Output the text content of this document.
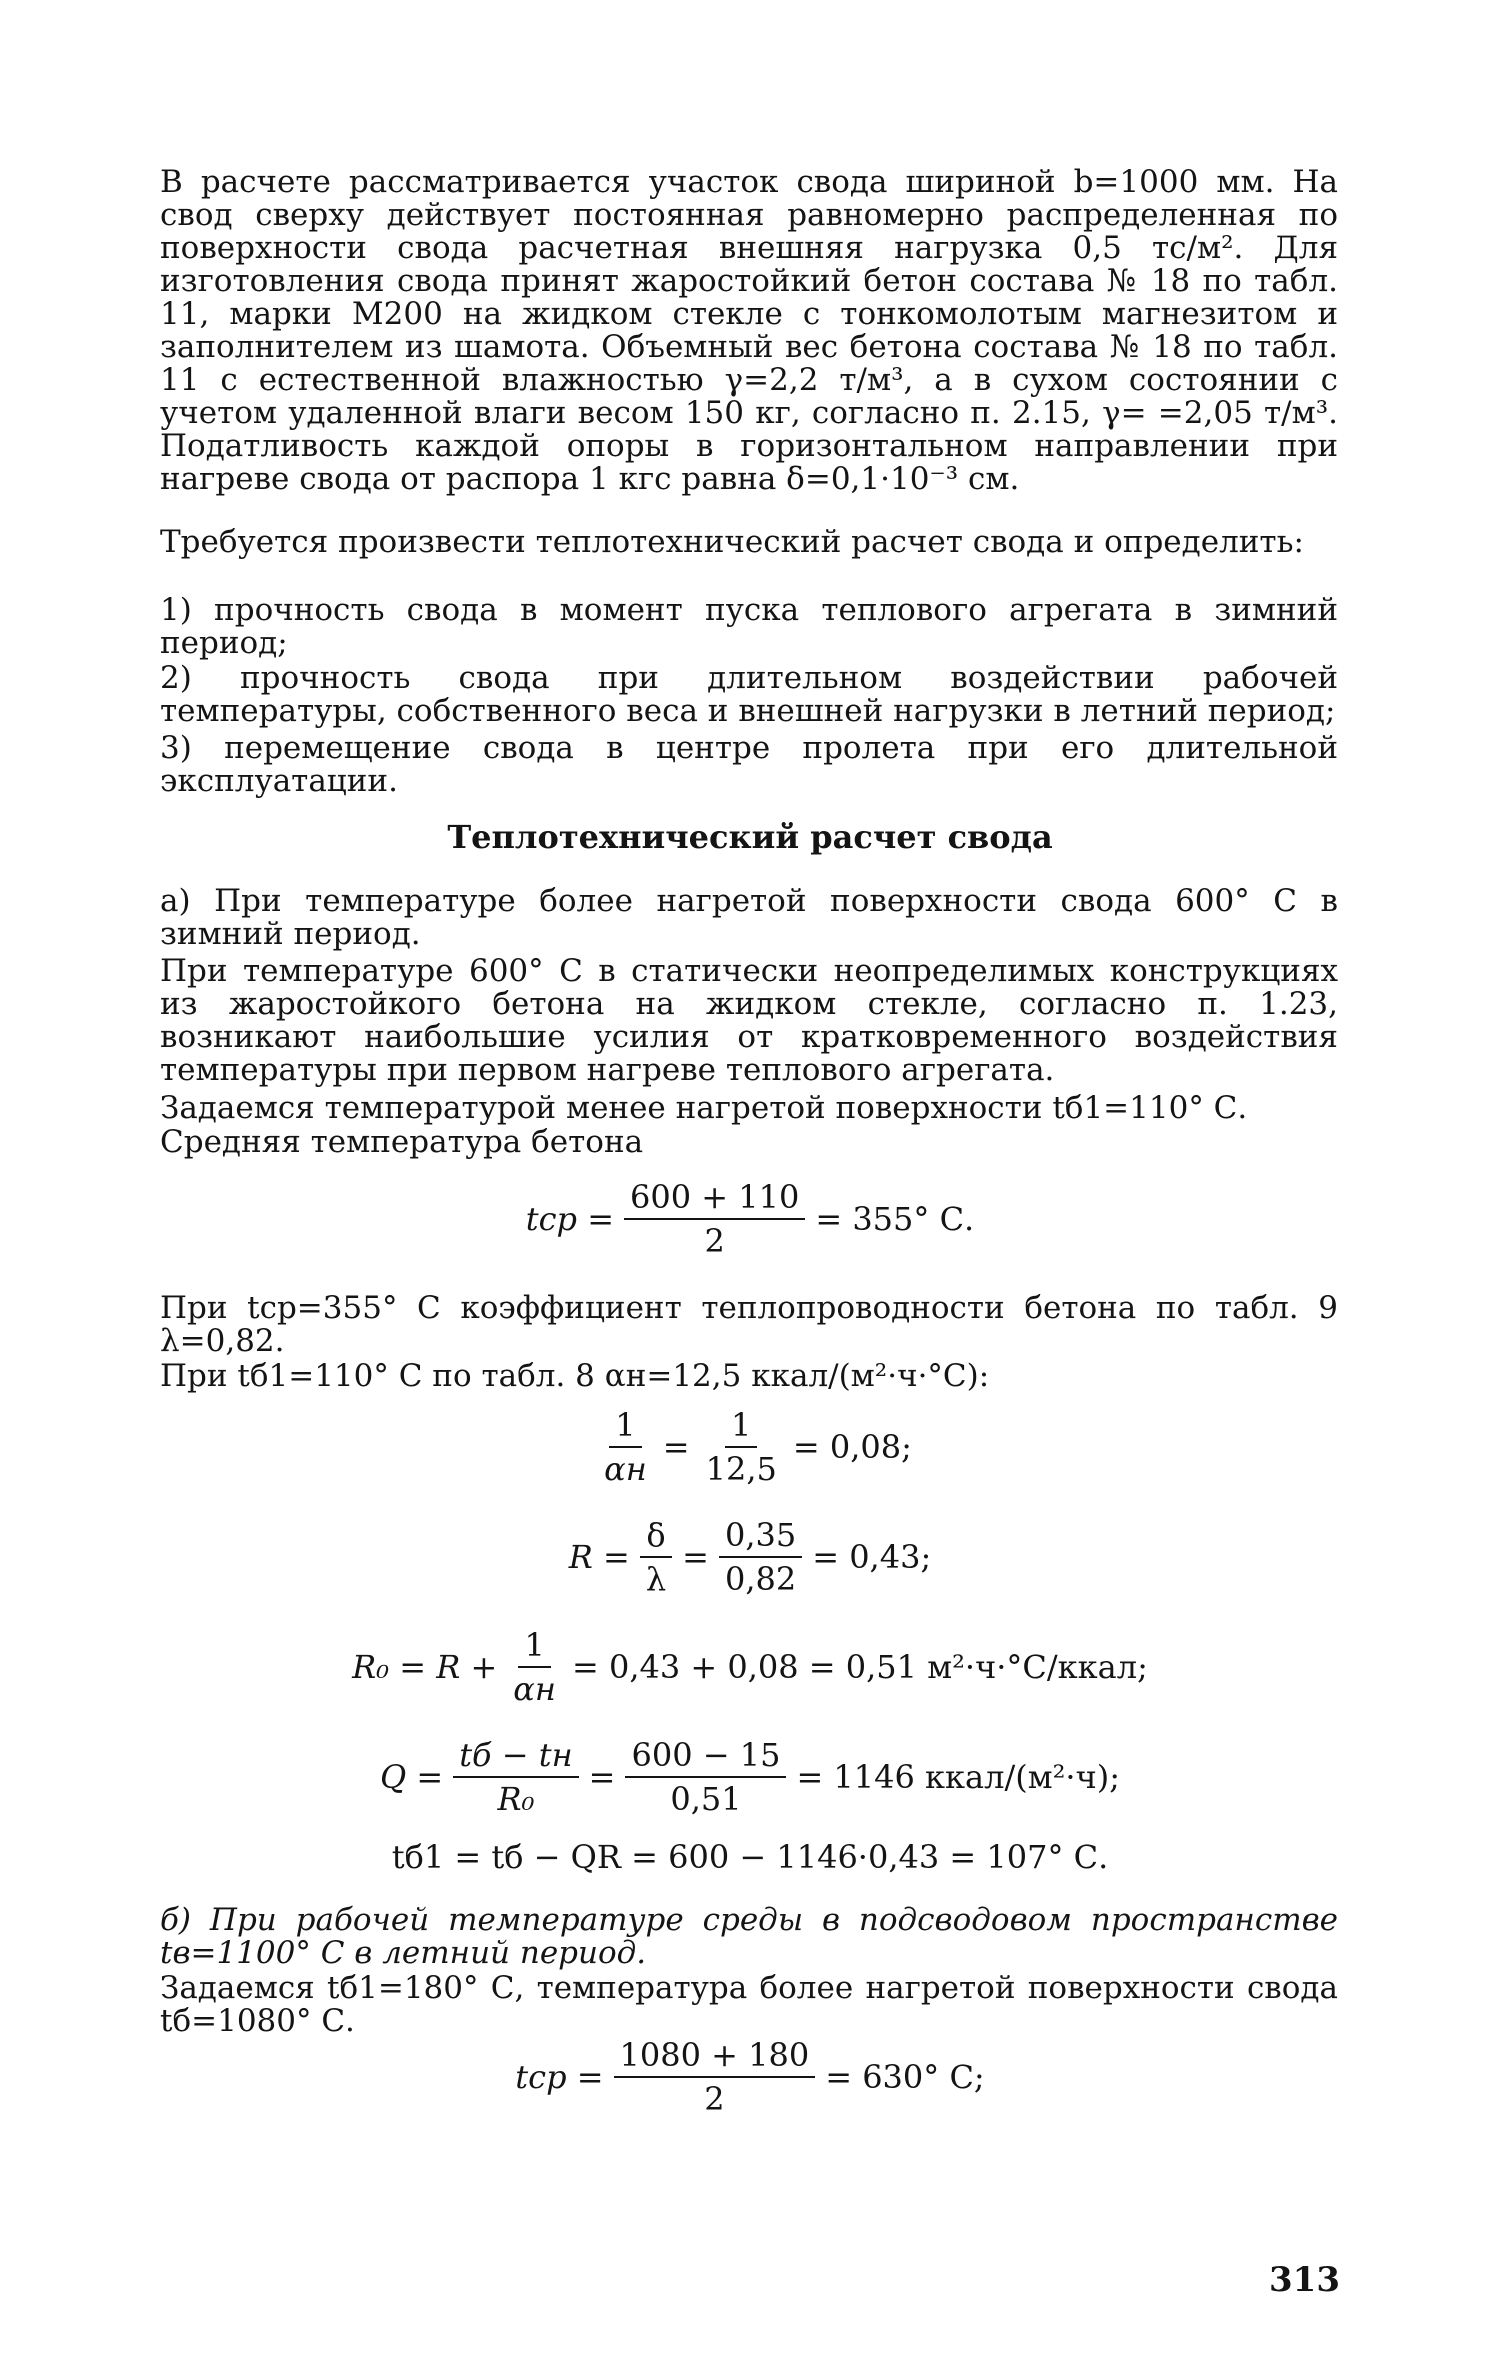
В расчете рассматривается участок свода шириной b=1000 мм. На свод сверху действует постоянная равномерно распределенная по поверхности свода расчетная внешняя нагрузка 0,5 тс/м². Для изготовления свода принят жаростойкий бетон состава № 18 по табл. 11, марки М200 на жидком стекле с тонкомолотым магнезитом и заполнителем из шамота. Объемный вес бетона состава № 18 по табл. 11 с естественной влажностью γ=2,2 т/м³, а в сухом состоянии с учетом удаленной влаги весом 150 кг, согласно п. 2.15, γ= =2,05 т/м³. Податливость каждой опоры в горизонтальном направлении при нагреве свода от распора 1 кгс равна δ=0,1·10⁻³ см.

Требуется произвести теплотехнический расчет свода и определить:

1) прочность свода в момент пуска теплового агрегата в зимний период;

2) прочность свода при длительном воздействии рабочей температуры, собственного веса и внешней нагрузки в летний период;

3) перемещение свода в центре пролета при его длительной эксплуатации.

Теплотехнический расчет свода

а) При температуре более нагретой поверхности свода 600° С в зимний период.

При температуре 600° С в статически неопределимых конструкциях из жаростойкого бетона на жидком стекле, согласно п. 1.23, возникают наибольшие усилия от кратковременного воздействия температуры при первом нагреве теплового агрегата.

Задаемся температурой менее нагретой поверхности tб1=110° С.

Средняя температура бетона

tср = $\frac{600 + 110}{2} = 355^\circ$ С.

При tср=355° С коэффициент теплопроводности бетона по табл. 9 λ=0,82.

При tб1=110° С по табл. 8 αн=12,5 ккал/(м²·ч·°С):

$\frac{1}{\alpha н} = \frac{1}{12,5} = 0,08$;
$R = \frac{\delta}{\lambda} = \frac{0,35}{0,82} = 0,43$;
$R_0 = R + \frac{1}{\alpha н} = 0,43 + 0,08 = 0,51$ м²·ч·°С/ккал;
$Q = \frac{tб - tн}{\text{R₀}} = \frac{600 - 15}{0,51} = 1146$ ккал/(м²·ч);
tб1 = tб − QR = 600 − 1146·0,43 = 107° С.

б) При рабочей температуре среды в подсводовом пространстве tв=1100° С в летний период.

Задаемся tб1=180° С, температура более нагретой поверхности свода tб=1080° С.

tср = $\frac{1080 + 180}{2} = 630^\circ$ С;
313
